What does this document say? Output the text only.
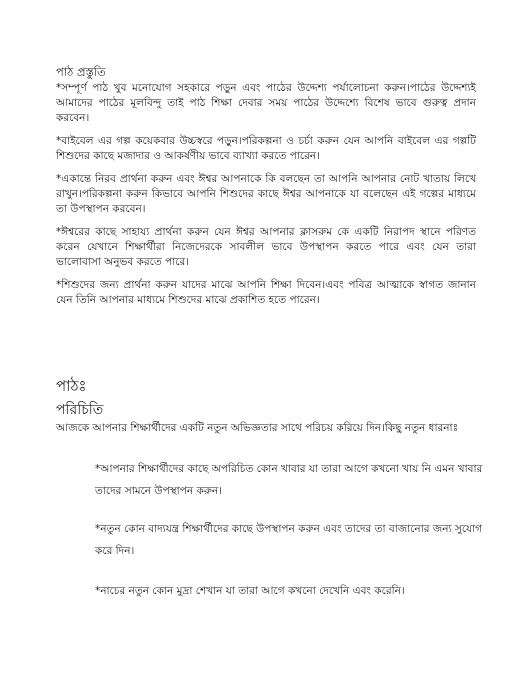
পাঠ প্রস্তুতি

*সম্পূর্ণ পাঠ খুব মনোযোগ সহকারে পড়ুন এবং পাঠের উদ্দেশ্য পর্যালোচনা করুন।পাঠের উদ্দেশ্যই আমাদের পাঠের মূলবিন্দু তাই পাঠ শিক্ষা দেবার সময় পাঠের উদ্দেশ্যে বিশেষ ভাবে গুরুত্ব প্রদান করবেন।

*বাইবেল এর গল্প কয়েকবার উচ্চস্বরে পড়ুন।পরিকল্পনা ও চর্চা করুন যেন আপনি বাইবেল এর গল্পটি শিশুদের কাছে মজাদার ও আকর্ষণীয় ভাবে ব্যাখ্যা করতে পারেন।

*একান্তে নিরব প্রার্থনা করুন এবং ঈশ্বর আপনাকে কি বলছেন তা আপনি আপনার নোট খাতায় লিখে রাখুন।পরিকল্পনা করুন কিভাবে আপনি শিশুদের কাছে ঈশ্বর আপনাকে যা বলেছেন এই গল্পের মাধ্যমে তা উপস্থাপন করবেন।

*ঈশ্বরের কাছে সাহায্য প্রার্থনা করুন যেন ঈশ্বর আপনার ক্লাসরুম কে একটি নিরাপদ স্থানে পরিণত করেন যেখানে শিক্ষার্থীরা নিজেদেরকে সাবলীল ভাবে উপস্থাপন করতে পারে এবং যেন তারা ভালোবাসা অনুভব করতে পারে।

*শিশুদের জন্য প্রার্থনা করুন যাদের মাঝে আপনি শিক্ষা দিবেন।এবং পবিত্র আত্মাকে স্বাগত জানান যেন তিনি আপনার মাধ্যমে শিশুদের মাঝে প্রকাশিত হতে পারেন।

পাঠঃ
পরিচিতি

আজকে আপনার শিক্ষার্থীদের একটি নতুন অভিজ্ঞতার সাথে পরিচয় করিয়ে দিন।কিছু নতুন ধারনাঃ

*আপনার শিক্ষার্থীদের কাছে অপরিচিত কোন খাবার যা তারা আগে কখনো খায় নি এমন খাবার তাদের সামনে উপস্থাপন করুন।

*নতুন কোন বাদ্যযন্ত্র শিক্ষার্থীদের কাছে উপস্থাপন করুন এবং তাদের তা বাজানোর জন্য সুযোগ করে দিন।

*নাচের নতুন কোন মুদ্রা শেখান যা তারা আগে কখনো দেখেনি এবং করেনি।
